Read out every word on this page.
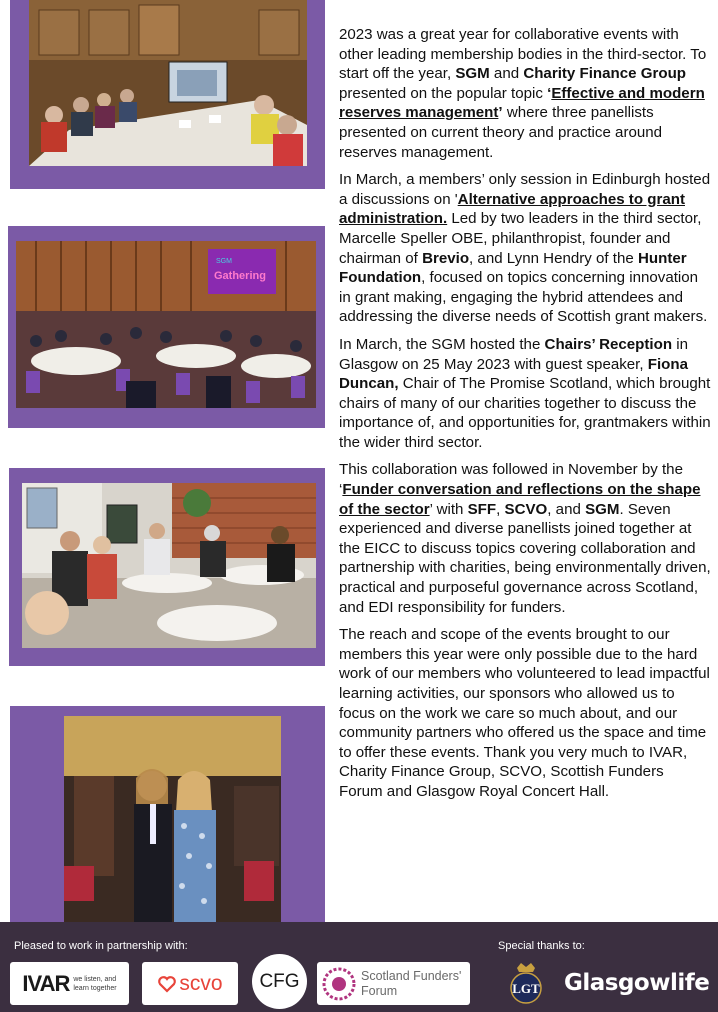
SGM
Gathering

2023 was a great year for collaborative events with other leading membership bodies in the third-sector. To start off the year, SGM and Charity Finance Group presented on the popular topic ‘Effective and modern reserves management’ where three panellists presented on current theory and practice around reserves management.

In March, a members’ only session in Edinburgh hosted a discussions on 'Alternative approaches to grant administration. Led by two leaders in the third sector, Marcelle Speller OBE, philanthropist, founder and chairman of Brevio, and Lynn Hendry of the Hunter Foundation, focused on topics concerning innovation in grant making, engaging the hybrid attendees and addressing the diverse needs of Scottish grant makers.

In March, the SGM hosted the Chairs’ Reception in Glasgow on 25 May 2023 with guest speaker, Fiona Duncan, Chair of The Promise Scotland, which brought chairs of many of our charities together to discuss the importance of, and opportunities for, grantmakers within the wider third sector.

This collaboration was followed in November by the ‘Funder conversation and reflections on the shape of the sector’ with SFF, SCVO, and SGM. Seven experienced and diverse panellists joined together at the EICC to discuss topics covering collaboration and partnership with charities, being environmentally driven, practical and purposeful governance across Scotland, and EDI responsibility for funders.

The reach and scope of the events brought to our members this year were only possible due to the hard work of our members who volunteered to lead impactful learning activities, our sponsors who allowed us to focus on the work we care so much about, and our community partners who offered us the space and time to offer these events. Thank you very much to IVAR, Charity Finance Group, SCVO, Scottish Funders Forum and Glasgow Royal Concert Hall.

Pleased to work in partnership with:	Special thanks to:
IVAR we listen, and
learn together	scvo CFG	Scotland Funders'
Forum	LGT	Glasgowlife
